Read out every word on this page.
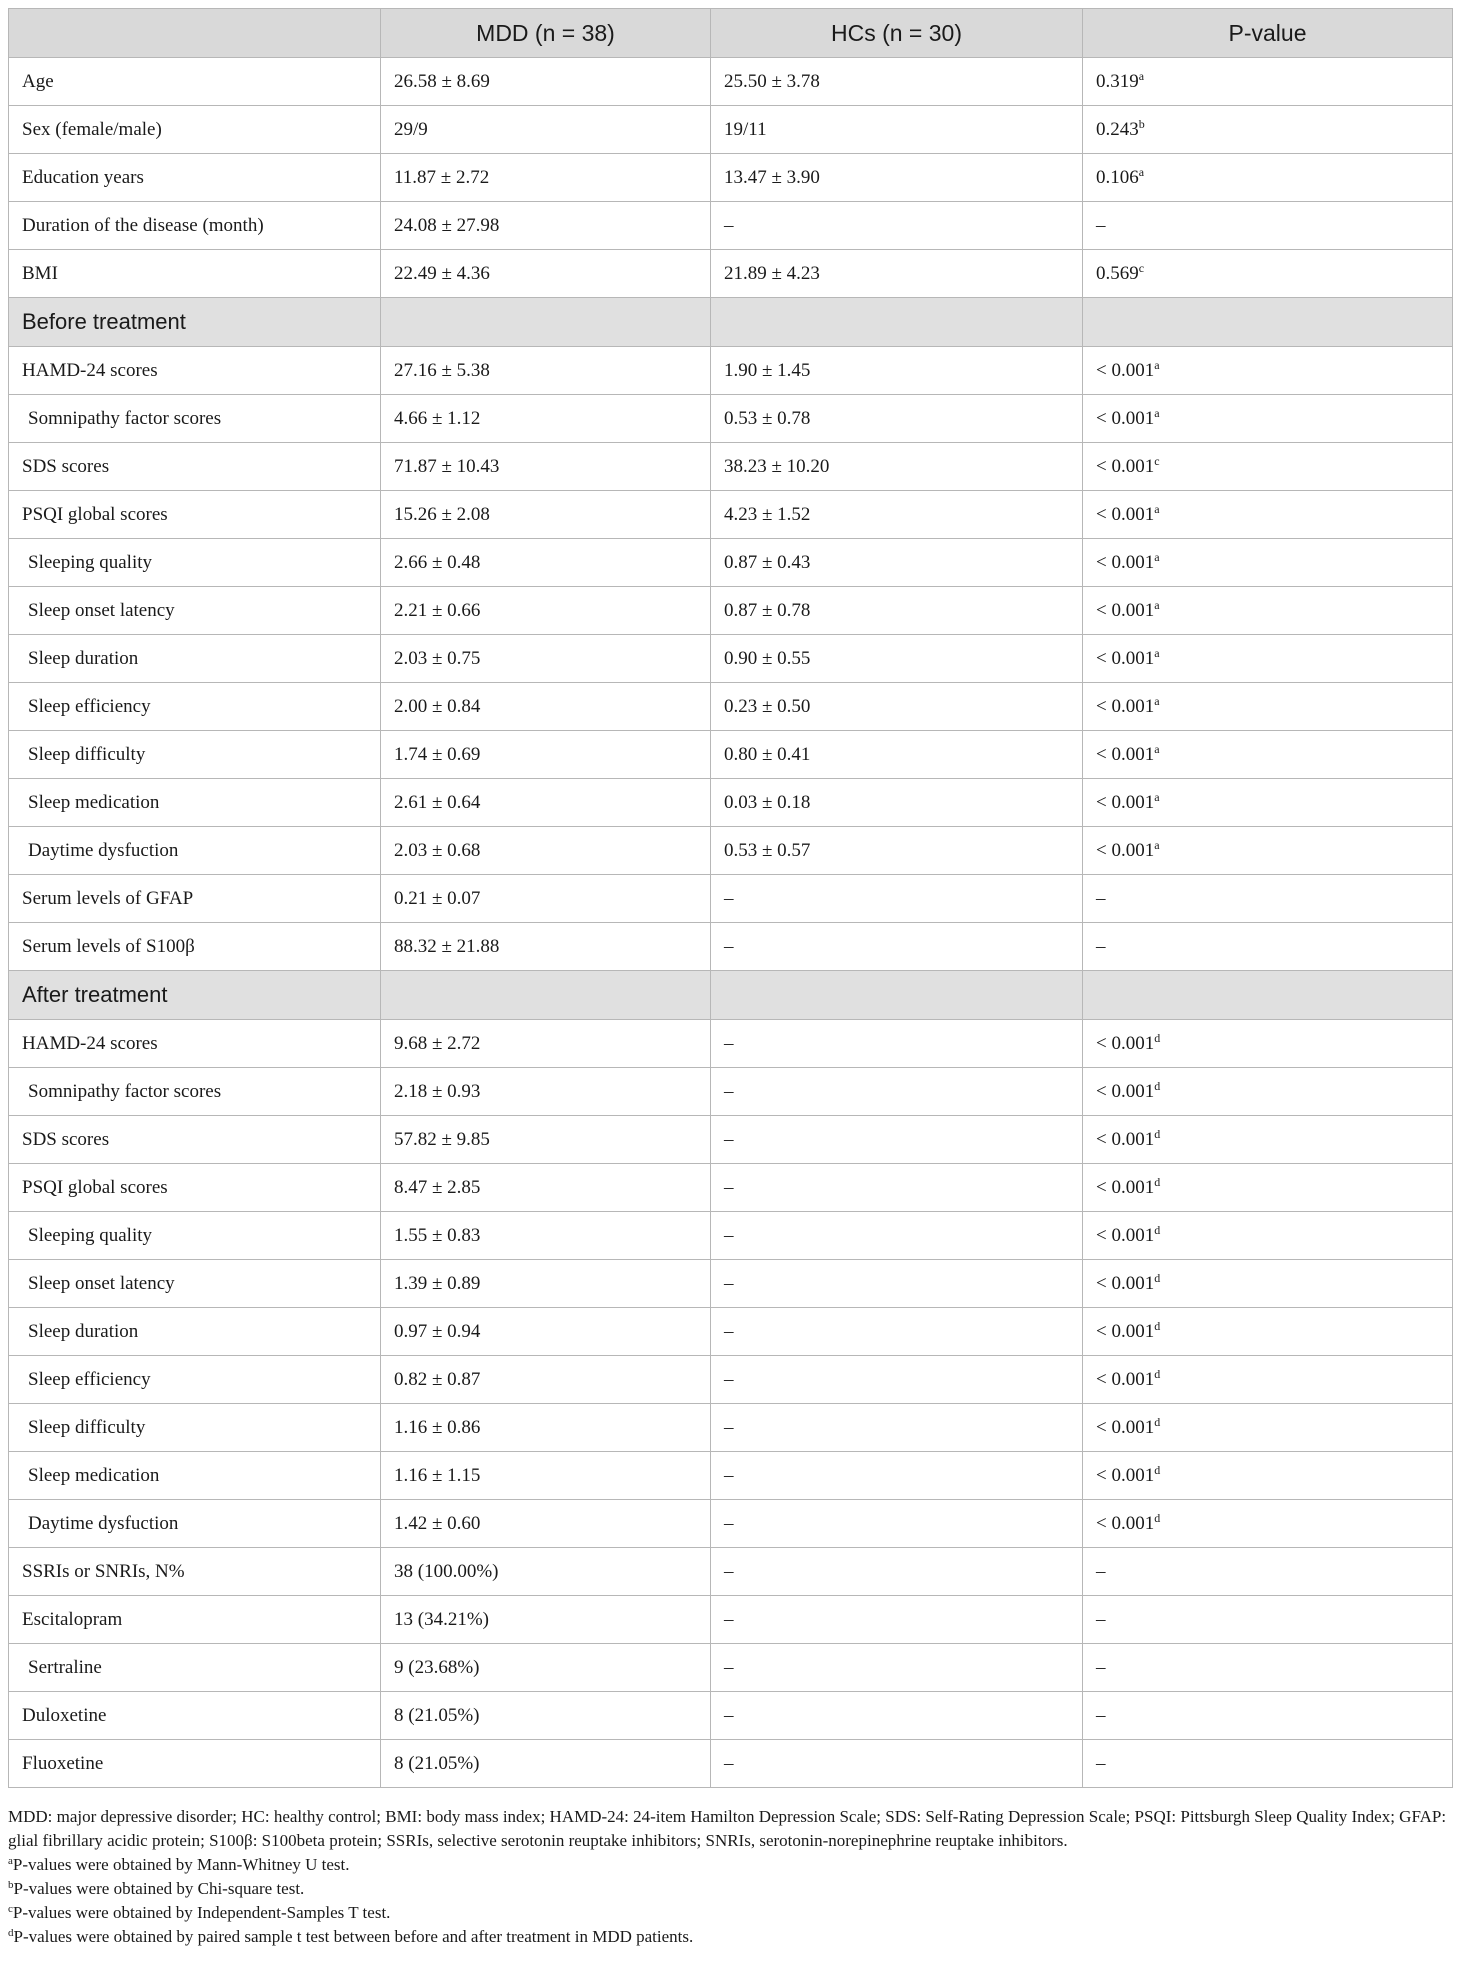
	MDD (n = 38)	HCs (n = 30)	P-value
Age	26.58 ± 8.69	25.50 ± 3.78	0.319$^a$
Sex (female/male)	29/9	19/11	0.243$^b$
Education years	11.87 ± 2.72	13.47 ± 3.90	0.106$^a$
Duration of the disease (month)	24.08 ± 27.98	–	–
BMI	22.49 ± 4.36	21.89 ± 4.23	0.569$^c$
Before treatment			
HAMD-24 scores	27.16 ± 5.38	1.90 ± 1.45	< 0.001$^a$
Somnipathy factor scores	4.66 ± 1.12	0.53 ± 0.78	< 0.001$^a$
SDS scores	71.87 ± 10.43	38.23 ± 10.20	< 0.001$^c$
PSQI global scores	15.26 ± 2.08	4.23 ± 1.52	< 0.001$^a$
Sleeping quality	2.66 ± 0.48	0.87 ± 0.43	< 0.001$^a$
Sleep onset latency	2.21 ± 0.66	0.87 ± 0.78	< 0.001$^a$
Sleep duration	2.03 ± 0.75	0.90 ± 0.55	< 0.001$^a$
Sleep efficiency	2.00 ± 0.84	0.23 ± 0.50	< 0.001$^a$
Sleep difficulty	1.74 ± 0.69	0.80 ± 0.41	< 0.001$^a$
Sleep medication	2.61 ± 0.64	0.03 ± 0.18	< 0.001$^a$
Daytime dysfuction	2.03 ± 0.68	0.53 ± 0.57	< 0.001$^a$
Serum levels of GFAP	0.21 ± 0.07	–	–
Serum levels of S100β	88.32 ± 21.88	–	–
After treatment			
HAMD-24 scores	9.68 ± 2.72	–	< 0.001$^d$
Somnipathy factor scores	2.18 ± 0.93	–	< 0.001$^d$
SDS scores	57.82 ± 9.85	–	< 0.001$^d$
PSQI global scores	8.47 ± 2.85	–	< 0.001$^d$
Sleeping quality	1.55 ± 0.83	–	< 0.001$^d$
Sleep onset latency	1.39 ± 0.89	–	< 0.001$^d$
Sleep duration	0.97 ± 0.94	–	< 0.001$^d$
Sleep efficiency	0.82 ± 0.87	–	< 0.001$^d$
Sleep difficulty	1.16 ± 0.86	–	< 0.001$^d$
Sleep medication	1.16 ± 1.15	–	< 0.001$^d$
Daytime dysfuction	1.42 ± 0.60	–	< 0.001$^d$
SSRIs or SNRIs, N%	38 (100.00%)	–	–
Escitalopram	13 (34.21%)	–	–
Sertraline	9 (23.68%)	–	–
Duloxetine	8 (21.05%)	–	–
Fluoxetine	8 (21.05%)	–	–

MDD: major depressive disorder; HC: healthy control; BMI: body mass index; HAMD-24: 24-item Hamilton Depression Scale; SDS: Self-Rating Depression Scale; PSQI: Pittsburgh Sleep Quality Index; GFAP: glial fibrillary acidic protein; S100β: S100beta protein; SSRIs, selective serotonin reuptake inhibitors; SNRIs, serotonin-norepinephrine reuptake inhibitors.

$^a$P-values were obtained by Mann-Whitney U test.

$^b$P-values were obtained by Chi-square test.

$^c$P-values were obtained by Independent-Samples T test.

$^d$P-values were obtained by paired sample t test between before and after treatment in MDD patients.
